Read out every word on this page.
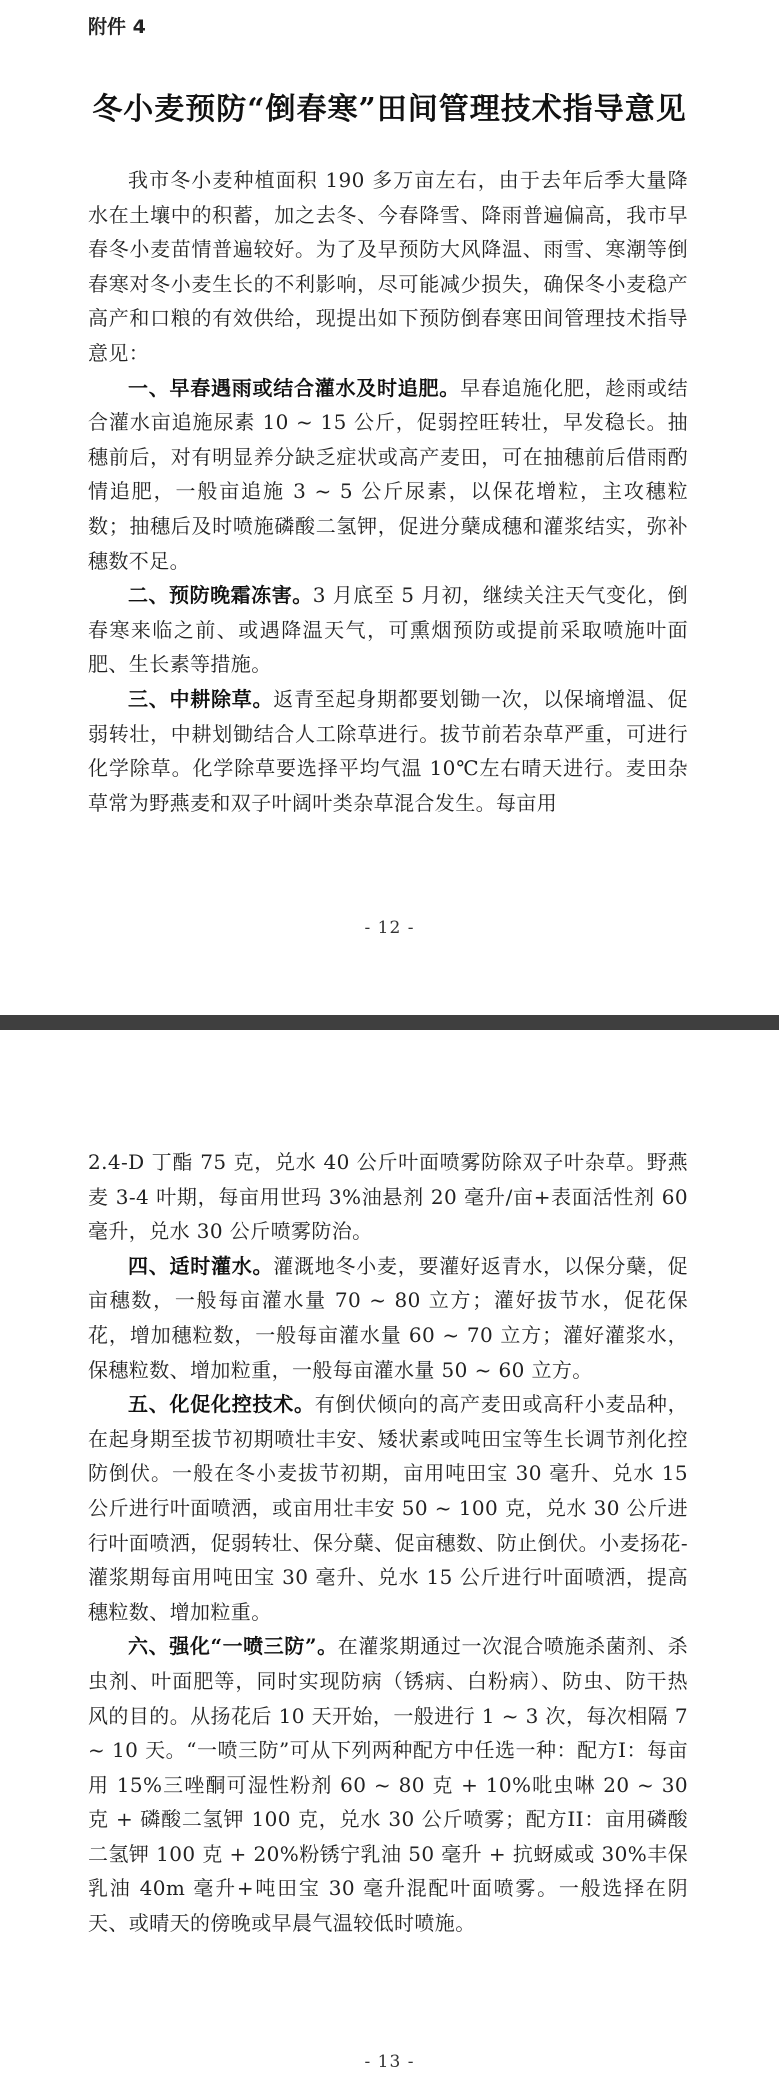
附件 4
冬小麦预防“倒春寒”田间管理技术指导意见

我市冬小麦种植面积 190 多万亩左右，由于去年后季大量降水在土壤中的积蓄，加之去冬、今春降雪、降雨普遍偏高，我市早春冬小麦苗情普遍较好。为了及早预防大风降温、雨雪、寒潮等倒春寒对冬小麦生长的不利影响，尽可能减少损失，确保冬小麦稳产高产和口粮的有效供给，现提出如下预防倒春寒田间管理技术指导意见：

一、早春遇雨或结合灌水及时追肥。早春追施化肥，趁雨或结合灌水亩追施尿素 10 ~ 15 公斤，促弱控旺转壮，早发稳长。抽穗前后，对有明显养分缺乏症状或高产麦田，可在抽穗前后借雨酌情追肥，一般亩追施 3 ~ 5 公斤尿素，以保花增粒，主攻穗粒数；抽穗后及时喷施磷酸二氢钾，促进分蘖成穗和灌浆结实，弥补穗数不足。

二、预防晚霜冻害。3 月底至 5 月初，继续关注天气变化，倒春寒来临之前、或遇降温天气，可熏烟预防或提前采取喷施叶面肥、生长素等措施。

三、中耕除草。返青至起身期都要划锄一次，以保墒增温、促弱转壮，中耕划锄结合人工除草进行。拔节前若杂草严重，可进行化学除草。化学除草要选择平均气温 10℃左右晴天进行。麦田杂草常为野燕麦和双子叶阔叶类杂草混合发生。每亩用

- 12 -

2.4-D 丁酯 75 克，兑水 40 公斤叶面喷雾防除双子叶杂草。野燕麦 3-4 叶期，每亩用世玛 3%油悬剂 20 毫升/亩+表面活性剂 60 毫升，兑水 30 公斤喷雾防治。

四、适时灌水。灌溉地冬小麦，要灌好返青水，以保分蘖，促亩穗数，一般每亩灌水量 70 ~ 80 立方；灌好拔节水，促花保花，增加穗粒数，一般每亩灌水量 60 ~ 70 立方；灌好灌浆水，保穗粒数、增加粒重，一般每亩灌水量 50 ~ 60 立方。

五、化促化控技术。有倒伏倾向的高产麦田或高秆小麦品种，在起身期至拔节初期喷壮丰安、矮状素或吨田宝等生长调节剂化控防倒伏。一般在冬小麦拔节初期，亩用吨田宝 30 毫升、兑水 15 公斤进行叶面喷洒，或亩用壮丰安 50 ~ 100 克，兑水 30 公斤进行叶面喷洒，促弱转壮、保分蘖、促亩穗数、防止倒伏。小麦扬花-灌浆期每亩用吨田宝 30 毫升、兑水 15 公斤进行叶面喷洒，提高穗粒数、增加粒重。

六、强化“一喷三防”。在灌浆期通过一次混合喷施杀菌剂、杀虫剂、叶面肥等，同时实现防病（锈病、白粉病）、防虫、防干热风的目的。从扬花后 10 天开始，一般进行 1 ~ 3 次，每次相隔 7 ~ 10 天。“一喷三防”可从下列两种配方中任选一种：配方I：每亩用 15%三唑酮可湿性粉剂 60 ~ 80 克 + 10%吡虫啉 20 ~ 30 克 + 磷酸二氢钾 100 克，兑水 30 公斤喷雾；配方II：亩用磷酸二氢钾 100 克 + 20%粉锈宁乳油 50 毫升 + 抗蚜威或 30%丰保乳油 40m 毫升+吨田宝 30 毫升混配叶面喷雾。一般选择在阴天、或晴天的傍晚或早晨气温较低时喷施。

- 13 -
